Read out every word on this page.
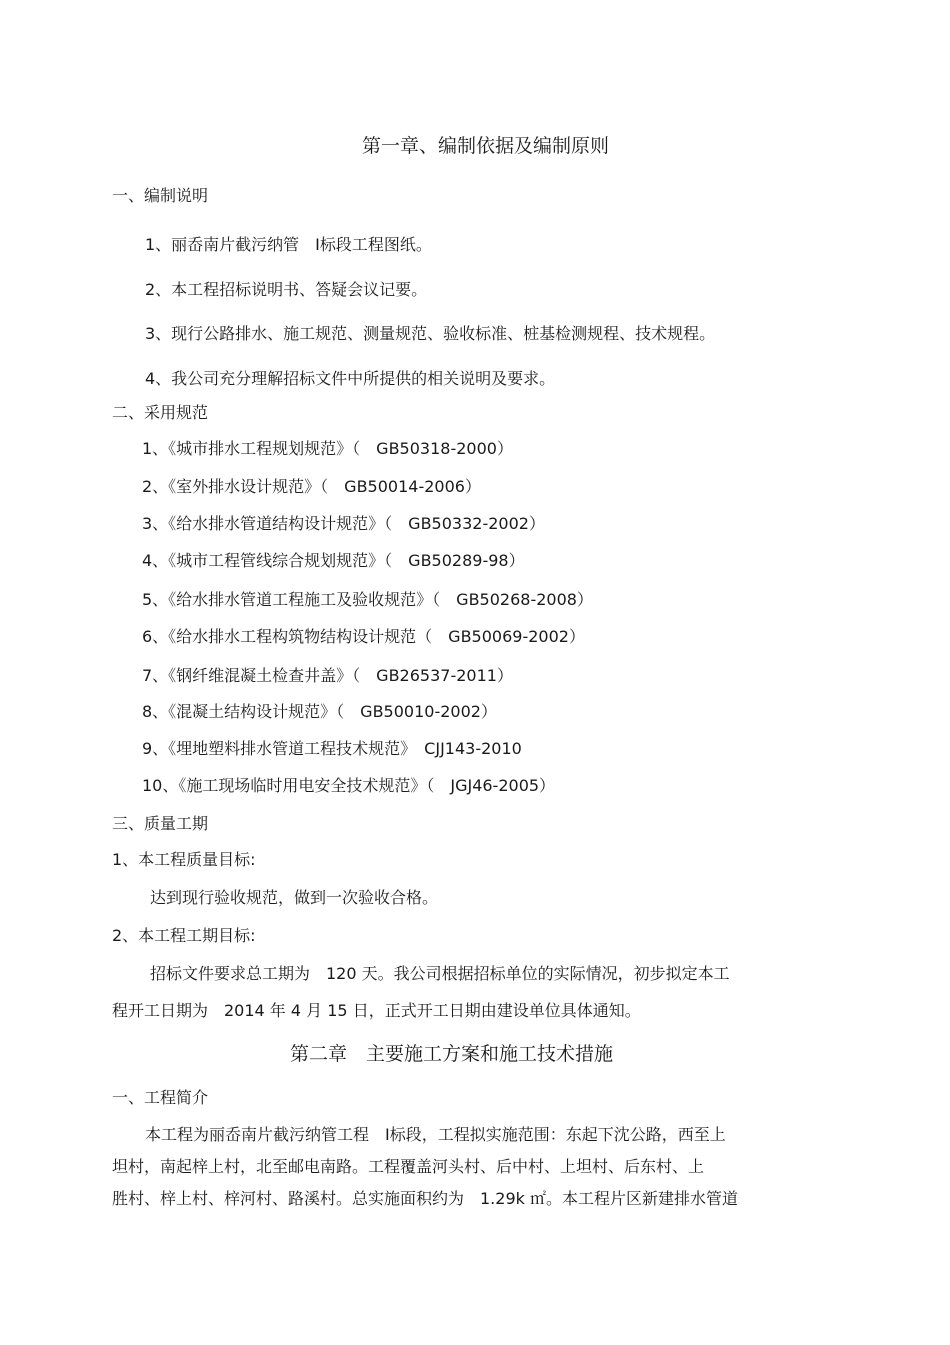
第一章、编制依据及编制原则
一、编制说明
1、丽岙南片截污纳管　Ⅰ标段工程图纸。
2、本工程招标说明书、答疑会议记要。
3、现行公路排水、施工规范、测量规范、验收标准、桩基检测规程、技术规程。
4、我公司充分理解招标文件中所提供的相关说明及要求。
二、采用规范
1、《城市排水工程规划规范》（　GB50318-2000）
2、《室外排水设计规范》（　GB50014-2006）
3、《给水排水管道结构设计规范》（　GB50332-2002）
4、《城市工程管线综合规划规范》（　GB50289-98）
5、《给水排水管道工程施工及验收规范》（　GB50268-2008）
6、《给水排水工程构筑物结构设计规范（　GB50069-2002）
7、《钢纤维混凝土检查井盖》（　GB26537-2011）
8、《混凝土结构设计规范》（　GB50010-2002）
9、《埋地塑料排水管道工程技术规范》　CJJ143-2010
10、《施工现场临时用电安全技术规范》（　JGJ46-2005）
三、质量工期
1、本工程质量目标:
达到现行验收规范，做到一次验收合格。
2、本工程工期目标:
招标文件要求总工期为　120 天。我公司根据招标单位的实际情况，初步拟定本工
程开工日期为　2014 年 4 月 15 日，正式开工日期由建设单位具体通知。
第二章　主要施工方案和施工技术措施
一、工程简介
本工程为丽岙南片截污纳管工程　Ⅰ标段，工程拟实施范围：东起下沈公路，西至上
坦村，南起梓上村，北至邮电南路。工程覆盖河头村、后中村、上坦村、后东村、上
胜村、梓上村、梓河村、路溪村。总实施面积约为　1.29k ㎡。本工程片区新建排水管道
